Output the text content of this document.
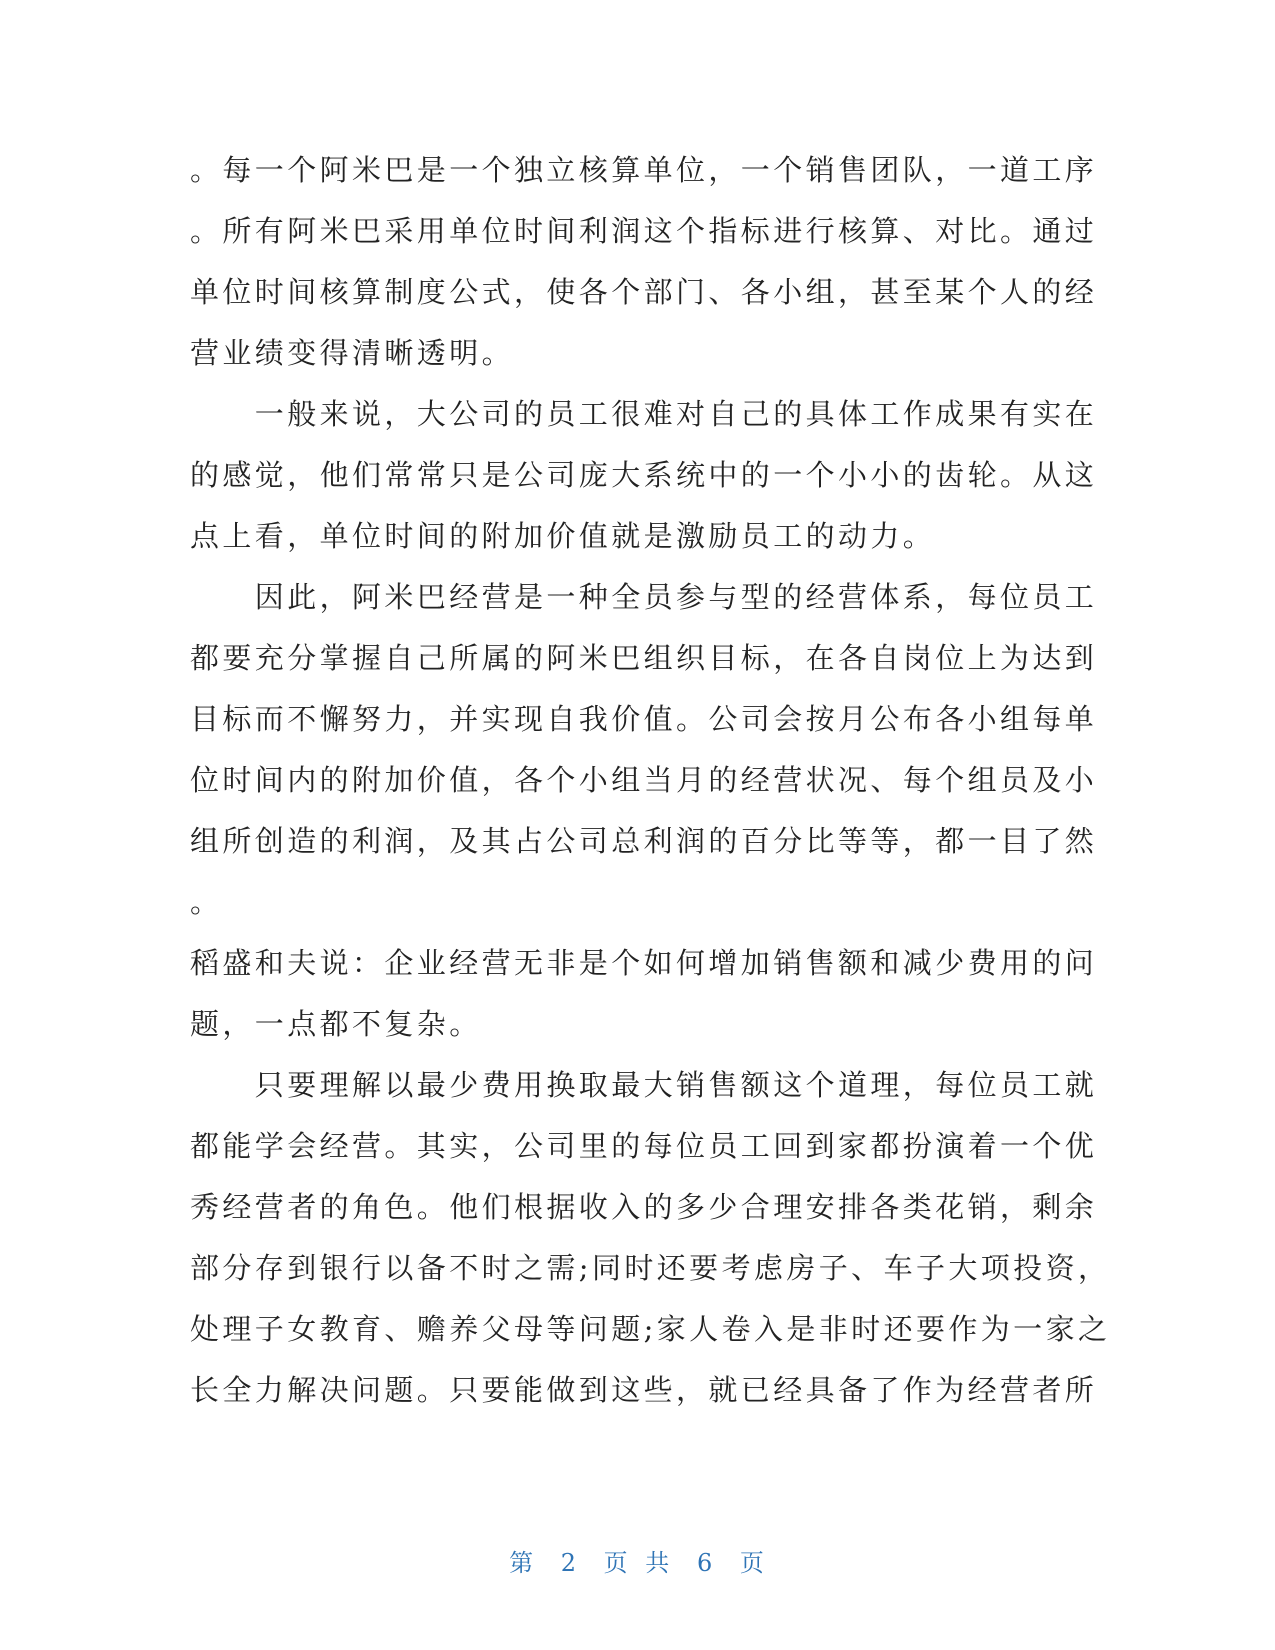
。每一个阿米巴是一个独立核算单位，一个销售团队，一道工序
。所有阿米巴采用单位时间利润这个指标进行核算、对比。通过
单位时间核算制度公式，使各个部门、各小组，甚至某个人的经
营业绩变得清晰透明。
　　一般来说，大公司的员工很难对自己的具体工作成果有实在
的感觉，他们常常只是公司庞大系统中的一个小小的齿轮。从这
点上看，单位时间的附加价值就是激励员工的动力。
　　因此，阿米巴经营是一种全员参与型的经营体系，每位员工
都要充分掌握自己所属的阿米巴组织目标，在各自岗位上为达到
目标而不懈努力，并实现自我价值。公司会按月公布各小组每单
位时间内的附加价值，各个小组当月的经营状况、每个组员及小
组所创造的利润，及其占公司总利润的百分比等等，都一目了然
。
稻盛和夫说：企业经营无非是个如何增加销售额和减少费用的问
题，一点都不复杂。
　　只要理解以最少费用换取最大销售额这个道理，每位员工就
都能学会经营。其实，公司里的每位员工回到家都扮演着一个优
秀经营者的角色。他们根据收入的多少合理安排各类花销，剩余
部分存到银行以备不时之需;同时还要考虑房子、车子大项投资，
处理子女教育、赡养父母等问题;家人卷入是非时还要作为一家之
长全力解决问题。只要能做到这些，就已经具备了作为经营者所
第 2 页 共 6 页
